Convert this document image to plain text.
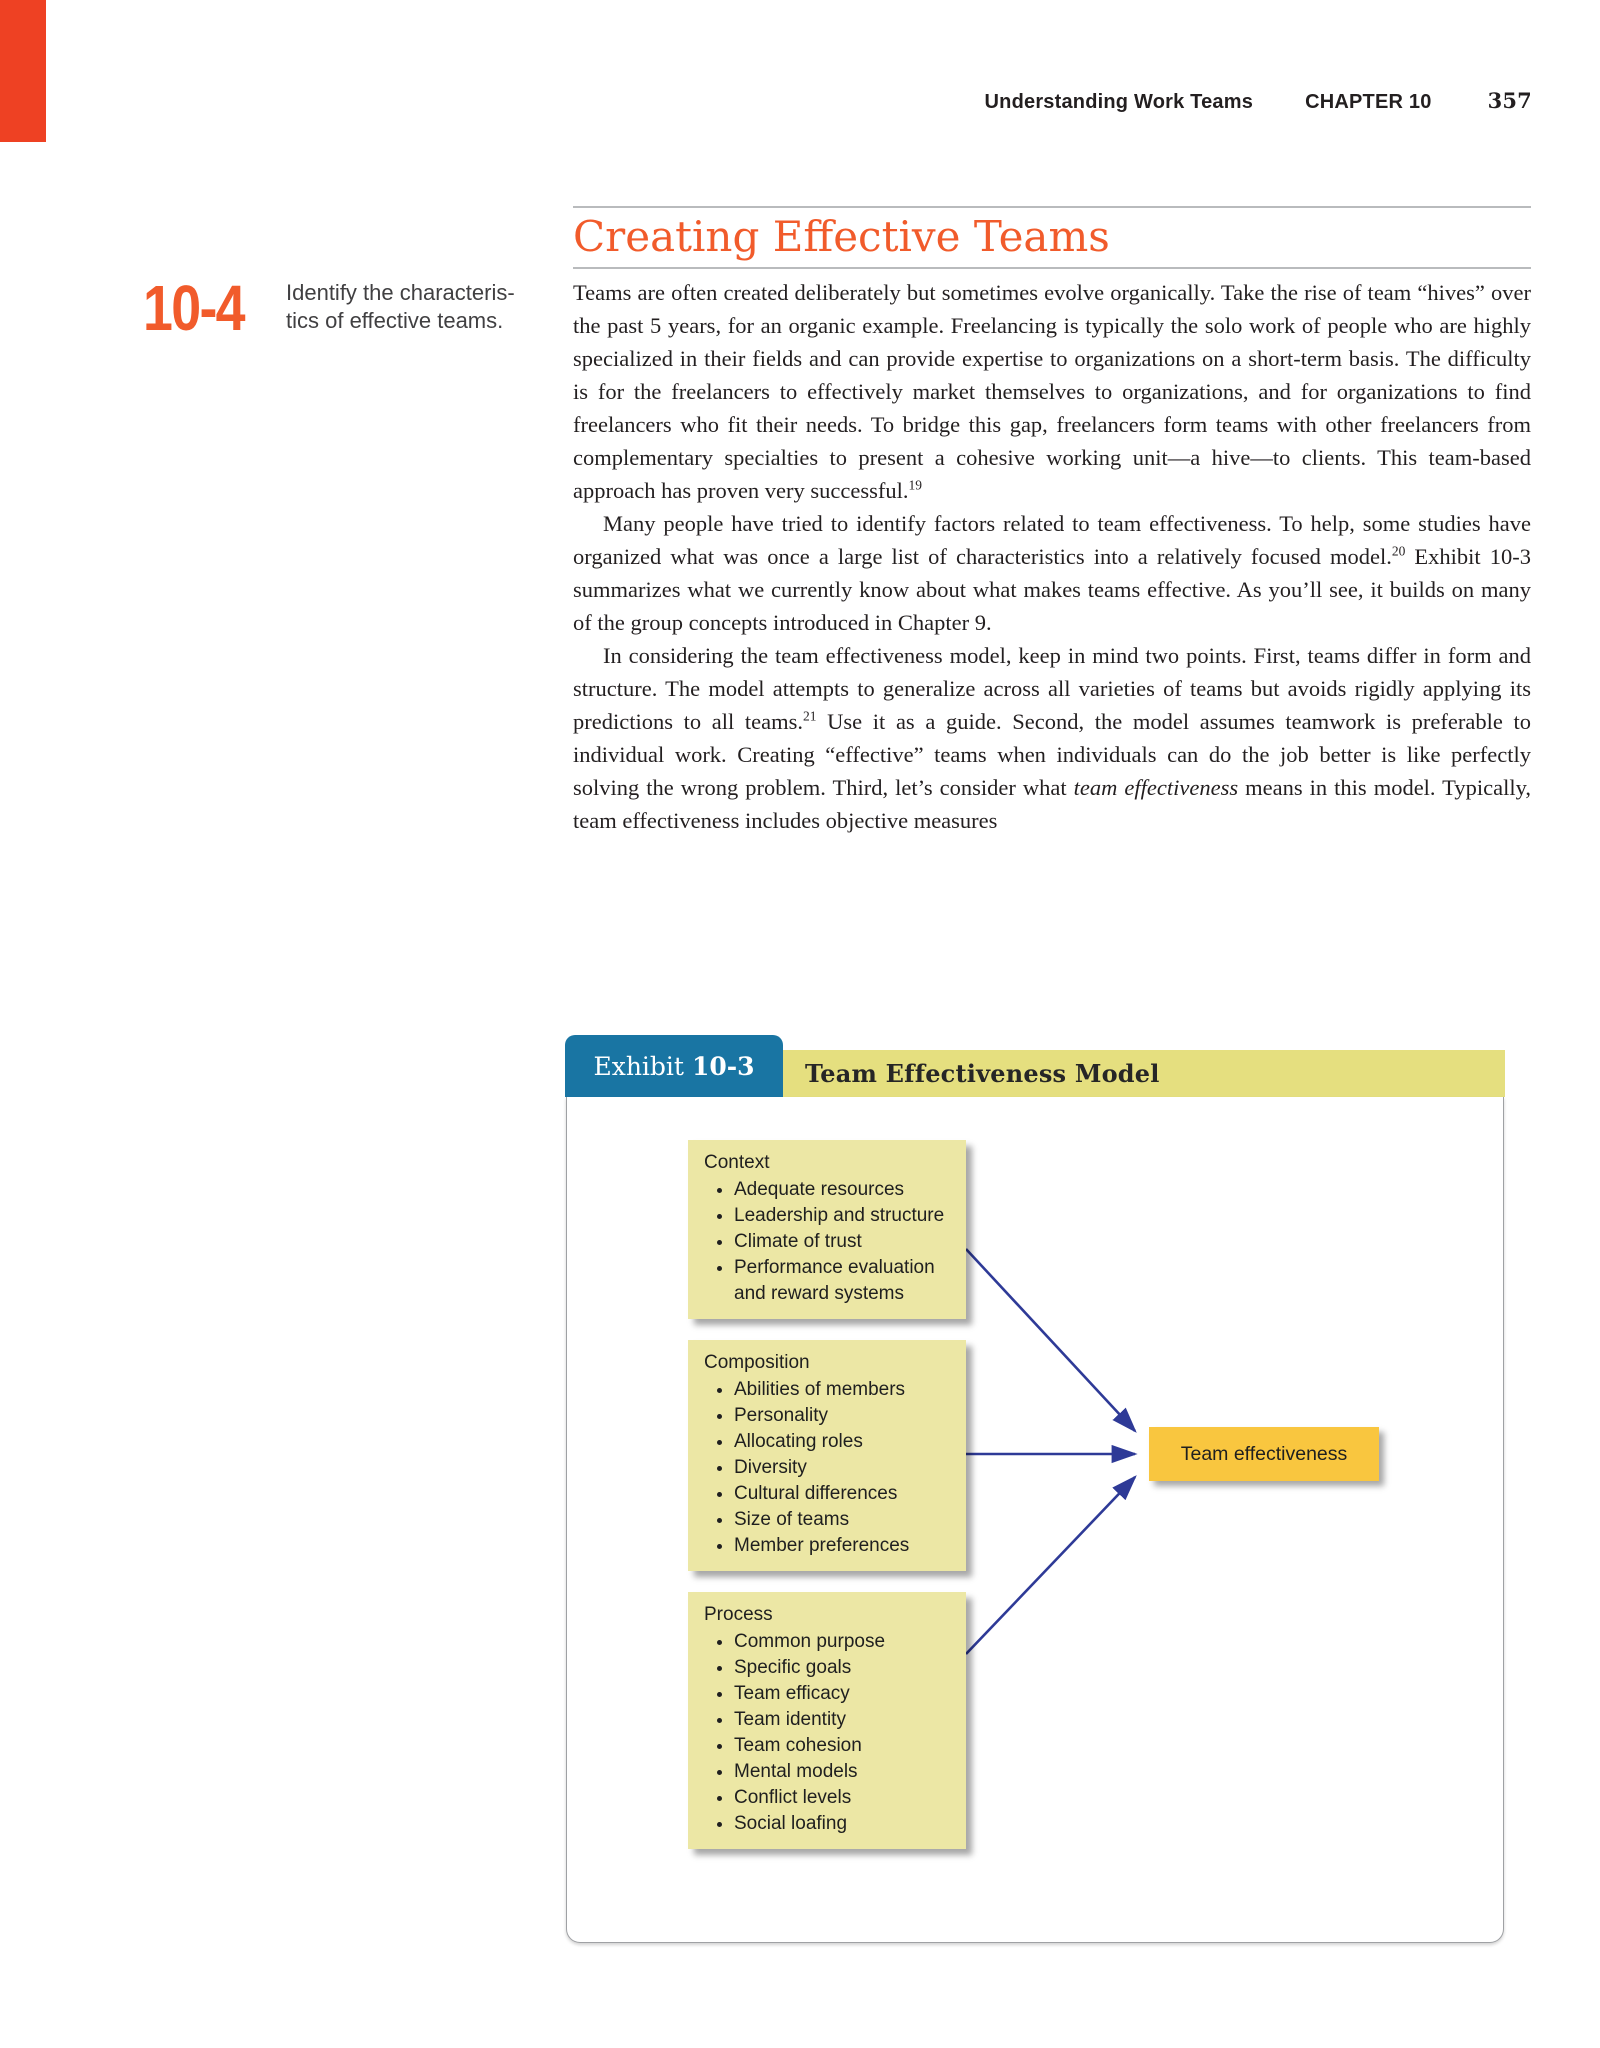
Understanding Work Teams	CHAPTER 10	357
Creating Effective Teams
10-4 Identify the characteris-
tics of effective teams.

Teams are often created deliberately but sometimes evolve organically. Take the rise of team “hives” over the past 5 years, for an organic example. Freelancing is typically the solo work of people who are highly specialized in their fields and can provide expertise to organizations on a short-term basis. The difficulty is for the freelancers to effectively market themselves to organizations, and for organizations to find freelancers who fit their needs. To bridge this gap, freelancers form teams with other freelancers from complementary specialties to present a cohesive working unit—a hive—to clients. This team-based approach has proven very successful.$^{19}$

Many people have tried to identify factors related to team effectiveness. To help, some studies have organized what was once a large list of characteristics into a relatively focused model.$^{20}$ Exhibit 10-3 summarizes what we currently know about what makes teams effective. As you’ll see, it builds on many of the group concepts introduced in Chapter 9.

In considering the team effectiveness model, keep in mind two points. First, teams differ in form and structure. The model attempts to generalize across all varieties of teams but avoids rigidly applying its predictions to all teams.$^{21}$ Use it as a guide. Second, the model assumes teamwork is preferable to individual work. Creating “effective” teams when individuals can do the job better is like perfectly solving the wrong problem. Third, let’s consider what team effectiveness means in this model. Typically, team effectiveness includes objective measures

Exhibit 10-3 Team Effectiveness Model
Context
• Adequate resources
• Leadership and structure
• Climate of trust
• Performance evaluation and reward systems
Composition
• Abilities of members
• Personality
• Allocating roles
• Diversity
• Cultural differences
• Size of teams
• Member preferences
Process
• Common purpose
• Specific goals
• Team efficacy
• Team identity
• Team cohesion
• Mental models
• Conflict levels
• Social loafing
Team effectiveness
